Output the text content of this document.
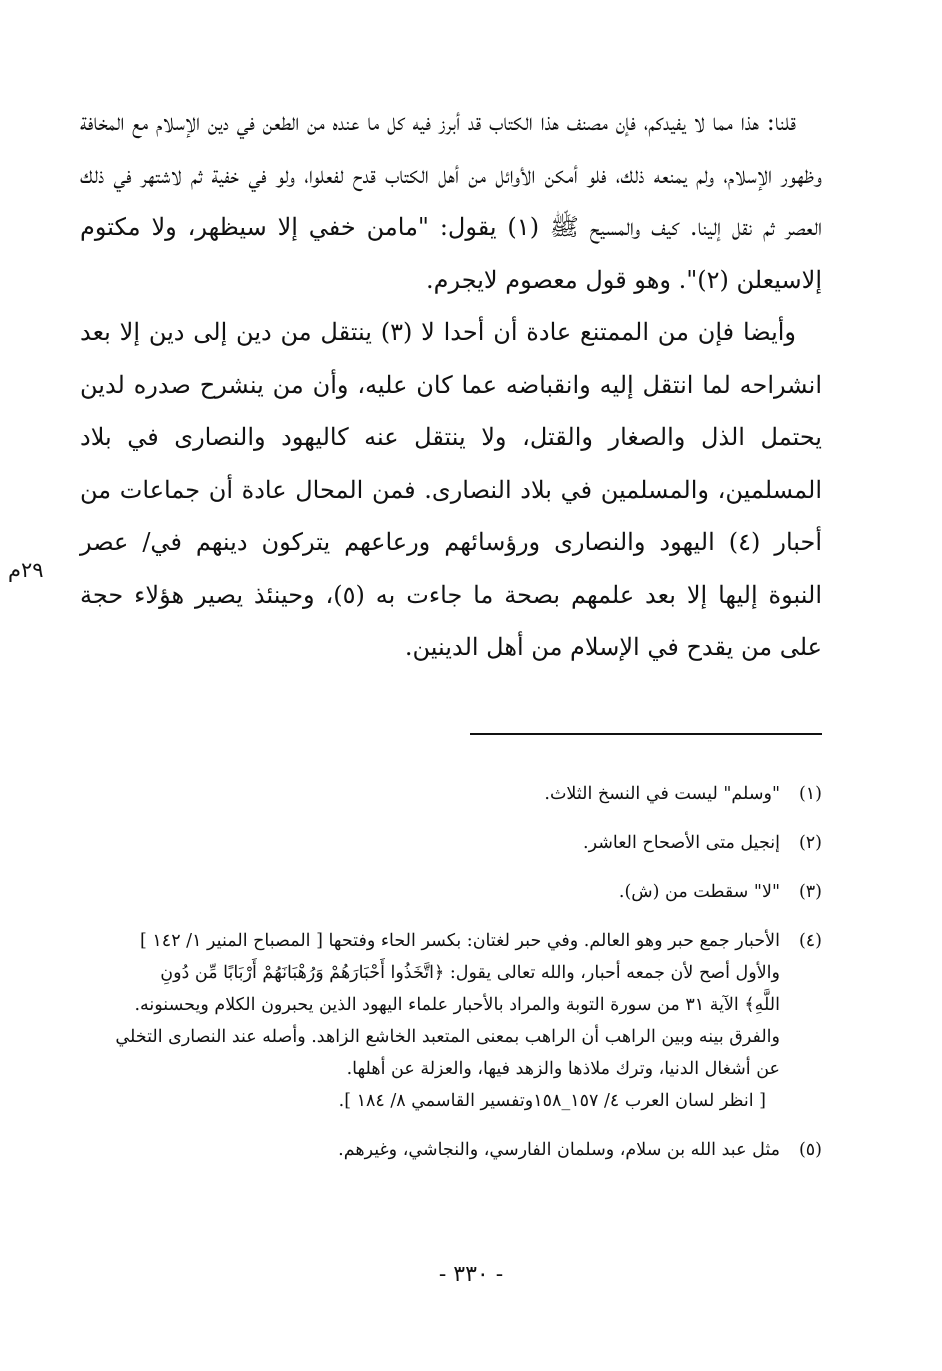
قلنا: هذا مما لا يفيدكم، فإن مصنف هذا الكتاب قد أبرز فيه كل ما عنده من الطعن في دين الإسلام مع المخافة وظهور الإسلام، ولم يمنعه ذلك، فلو أمكن الأوائل من أهل الكتاب قدح لفعلوا، ولو في خفية ثم لاشتهر في ذلك العصر ثم نقل إلينا. كيف والمسيح ﷺ (١) يقول: "مامن خفي إلا سيظهر، ولا مكتوم إلاسيعلن (٢)". وهو قول معصوم لايجرم.

وأيضا فإن من الممتنع عادة أن أحدا لا (٣) ينتقل من دين إلى دين إلا بعد انشراحه لما انتقل إليه وانقباضه عما كان عليه، وأن من ينشرح صدره لدين يحتمل الذل والصغار والقتل، ولا ينتقل عنه كاليهود والنصارى في بلاد المسلمين، والمسلمين في بلاد النصارى. فمن المحال عادة أن جماعات من أحبار (٤) اليهود والنصارى ورؤسائهم ورعاعهم يتركون دينهم في/ عصر النبوة إليها إلا بعد علمهم بصحة ما جاءت به (٥)، وحينئذ يصير هؤلاء حجة على من يقدح في الإسلام من أهل الدينين.

٢٩م
(١)
"وسلم" ليست في النسخ الثلاث.
(٢)
إنجيل متى الأصحاح العاشر.
(٣)
"لا" سقطت من (ش).
(٤)
الأحبار جمع حبر وهو العالم. وفي حبر لغتان: بكسر الحاء وفتحها [ المصباح المنير ١/ ١٤٢ ]
والأول أصح لأن جمعه أحبار، والله تعالى يقول: ﴿اتَّخَذُوا أَحْبَارَهُمْ وَرُهْبَانَهُمْ أَرْبَابًا مِّن دُونِ
اللَّهِ﴾ الآية ٣١ من سورة التوبة والمراد بالأحبار علماء اليهود الذين يحبرون الكلام ويحسنونه.
والفرق بينه وبين الراهب أن الراهب بمعنى المتعبد الخاشع الزاهد. وأصله عند النصارى التخلي
عن أشغال الدنيا، وترك ملاذها والزهد فيها، والعزلة عن أهلها.
[ انظر لسان العرب ٤/ ١٥٧_١٥٨وتفسير القاسمي ٨/ ١٨٤ ].
(٥)
مثل عبد الله بن سلام، وسلمان الفارسي، والنجاشي، وغيرهم.
- ٣٣٠ -
